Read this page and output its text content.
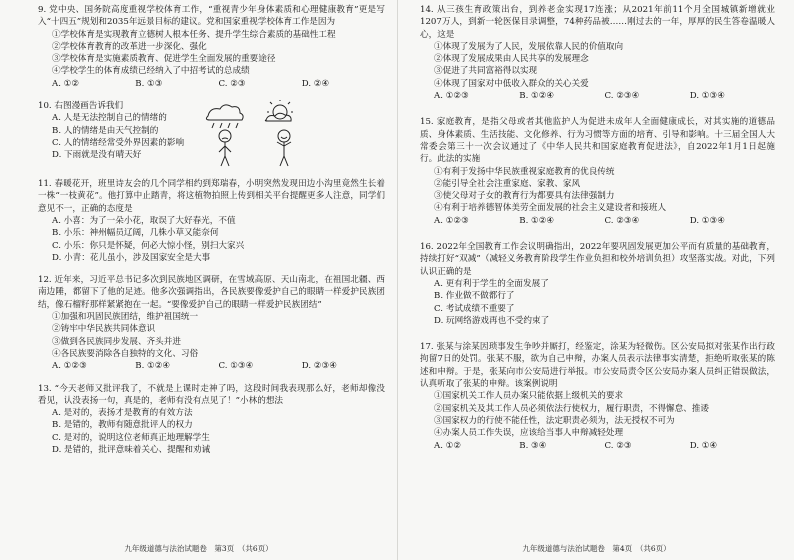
9. 党中央、国务院高度重视学校体育工作，“重视青少年身体素质和心理健康教育”更是写入“十四五”规划和2035年远景目标的建议。党和国家重视学校体育工作是因为
①学校体育是实现教育立德树人根本任务、提升学生综合素质的基础性工程
②学校体育教育的改革进一步深化、强化
③学校体育是实施素质教育、促进学生全面发展的重要途径
④学校学生的体育成绩已经纳入了中招考试的总成绩
A. ①②	B. ①③	C. ②③	D. ②④
10. 右图漫画告诉我们
A. 人是无法控制自己的情绪的
B. 人的情绪是由天气控制的
C. 人的情绪经常受外界因素的影响
D. 下雨就是没有晴天好
11. 春暖花开，班里诗友会的几个同学相约到郑瑞春，小明突然发现田边小沟里竟然生长着一株“一枝黄花”。他打算中止踏青，将这植物拍照上传到相关平台提醒更多人注意，同学们意见不一，正确的态度是
A. 小喜：为了一朵小花，取误了大好春光，不值
B. 小乐：神州幅员辽阔，几株小草又能奈何
C. 小乐：你只是怀疑，何必大惊小怪，别扫大家兴
D. 小青：花儿虽小，涉及国家安全是大事
12. 近年来，习近平总书记多次到民族地区调研，在雪域高原、天山南北，在祖国北疆、西南边陲，都留下了他的足迹。他多次强调指出，各民族要像爱护自己的眼睛一样爱护民族团结，像石榴籽那样紧紧抱在一起。“要像爱护自己的眼睛一样爱护民族团结”
①加强和巩固民族团结，维护祖国统一
②铸牢中华民族共同体意识
③做到各民族同步发展、齐头并进
④各民族要消除各自独特的文化、习俗
A. ①②③	B. ①②④	C. ①③④	D. ②③④
13. “今天老师又批评我了，不就是上课时走神了吗，这段时间我表现那么好，老师却像没看见，认没表扬一句，真是的，老师有没有点见了！”小林的想法
A. 是对的，表扬才是教育的有效方法
B. 是错的，教师有随意批评人的权力
C. 是对的，说明这位老师真正地理解学生
D. 是错的，批评意味着关心、提醒和劝诫
九年级道德与法治试题卷　第3页　（共6页）
14. 从三孩生育政策出台，到养老金实现17连涨；从2021年前11个月全国城镇新增就业1207万人，到新一轮医保目录调整，74种药品被……刚过去的一年，厚厚的民生答卷温暖人心，这是
①体现了发展为了人民，发展依靠人民的价值取向
②体现了发展成果由人民共享的发展理念
③促进了共同富裕得以实现
④体现了国家对中低收入群众的关心关爱
A. ①②③	B. ①②④	C. ②③④	D. ①③④
15. 家庭教育，是指父母或者其他监护人为促进未成年人全面健康成长，对其实施的道德品质、身体素质、生活技能、文化修养、行为习惯等方面的培育、引导和影响。十三届全国人大常委会第三十一次会议通过了《中华人民共和国家庭教育促进法》，自2022年1月1日起施行。此法的实施
①有利于发扬中华民族重视家庭教育的优良传统
②能引导全社会注重家庭、家教、家风
③使父母对子女的教育行为都要具有法律强制力
④有利于培养德智体美劳全面发展的社会主义建设者和接班人
A. ①②③	B. ①②④	C. ②③④	D. ①③④
16. 2022年全国教育工作会议明确指出，2022年要巩固发展更加公平而有质量的基础教育，持续打好“双减”（减轻义务教育阶段学生作业负担和校外培训负担）攻坚落实战。对此，下列认识正确的是
A. 更有利于学生的全面发展了
B. 作业做不做都行了
C. 考试成绩不重要了
D. 玩网络游戏再也不受约束了
17. 张某与涂某因琐事发生争吵并厮打，经鉴定，涂某为轻微伤。区公安局拟对张某作出行政拘留7日的处罚。张某不服，欲为自己申辩，办案人员表示法律事实清楚，拒绝听取张某的陈述和申辩。于是，张某向市公安局进行举报。市公安局责令区公安局办案人员纠正错误做法，认真听取了张某的申辩。该案例说明
①国家机关工作人员办案只能依据上级机关的要求
②国家机关及其工作人员必须依法行使权力，履行职责，不得懈怠、推诿
③国家权力的行使不能任性，法定职责必须为，法无授权不可为
④办案人员工作失误，应该给当事人申辩减轻处理
A. ①②	B. ③④	C. ②③	D. ①④
九年级道德与法治试题卷　第4页　（共6页）
